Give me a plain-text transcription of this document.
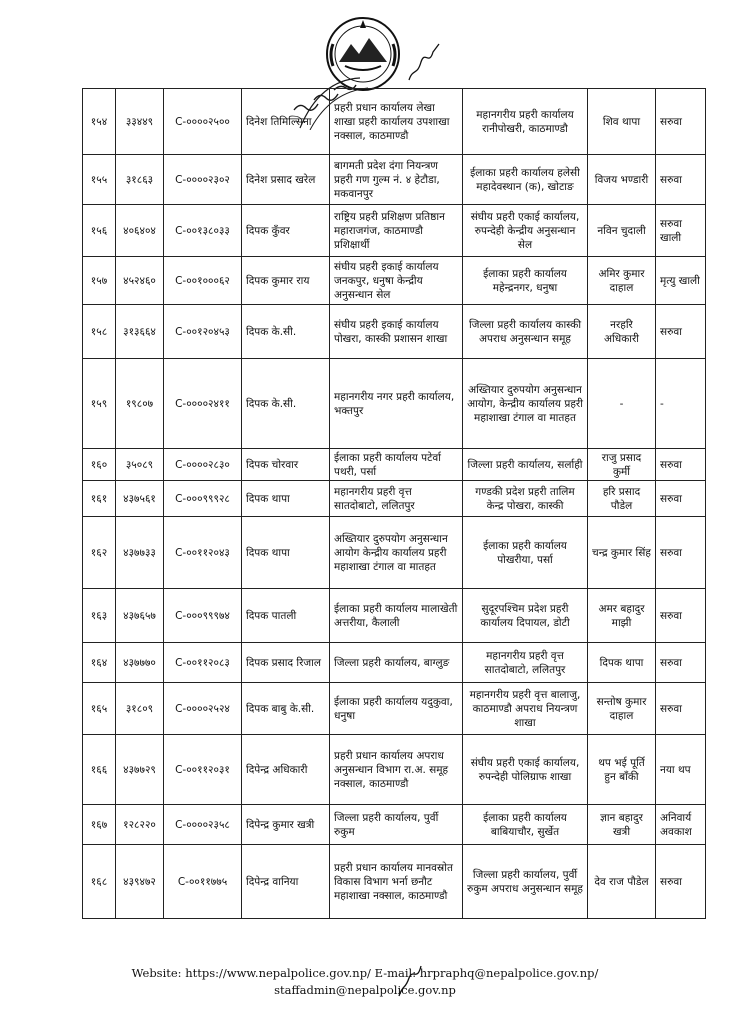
१५४	३३४४९	C-००००२५००	दिनेश तिमिल्सिना	प्रहरी प्रधान कार्यालय लेखा शाखा प्रहरी कार्यालय उपशाखा नक्साल, काठमाण्डौ	महानगरीय प्रहरी कार्यालय रानीपोखरी, काठमाण्डौ	शिव थापा	सरुवा
१५५	३१८६३	C-००००२३०२	दिनेश प्रसाद खरेल	बागमती प्रदेश दंगा नियन्त्रण प्रहरी गण गुल्म नं. ४ हेटौडा, मकवानपुर	ईलाका प्रहरी कार्यालय हलेसी महादेवस्थान (क), खोटाङ	विजय भण्डारी	सरुवा
१५६	४०६४०४	C-००१३८०३३	दिपक कुँवर	राष्ट्रिय प्रहरी प्रशिक्षण प्रतिष्ठान महाराजगंज, काठमाण्डौ प्रशिक्षार्थी	संघीय प्रहरी एकाई कार्यालय, रुपन्देही केन्द्रीय अनुसन्धान सेल	नविन चुदाली	सरुवा खाली
१५७	४५२४६०	C-००१०००६२	दिपक कुमार राय	संघीय प्रहरी इकाई कार्यालय जनकपुर, धनुषा केन्द्रीय अनुसन्धान सेल	ईलाका प्रहरी कार्यालय महेन्द्रनगर, धनुषा	अमिर कुमार दाहाल	मृत्यु खाली
१५८	३१३६६४	C-००१२०४५३	दिपक के.सी.	संघीय प्रहरी इकाई कार्यालय पोखरा, कास्की प्रशासन शाखा	जिल्ला प्रहरी कार्यालय कास्की अपराध अनुसन्धान समूह	नरहरि अधिकारी	सरुवा
१५९	१९८०७	C-००००२४११	दिपक के.सी.	महानगरीय नगर प्रहरी कार्यालय, भक्तपुर	अख्तियार दुरुपयोग अनुसन्धान आयोग, केन्द्रीय कार्यालय प्रहरी महाशाखा टंगाल वा मातहत	-	-
१६०	३५०८९	C-००००२८३०	दिपक चोरवार	ईलाका प्रहरी कार्यालय पटेर्वा पथरी, पर्सा	जिल्ला प्रहरी कार्यालय, सर्लाही	राजु प्रसाद कुर्मी	सरुवा
१६१	४३७५६१	C-०००९९९२८	दिपक थापा	महानगरीय प्रहरी वृत्त सातदोबाटो, ललितपुर	गण्डकी प्रदेश प्रहरी तालिम केन्द्र पोखरा, कास्की	हरि प्रसाद पौडेल	सरुवा
१६२	४३७७३३	C-००११२०४३	दिपक थापा	अख्तियार दुरुपयोग अनुसन्धान आयोग केन्द्रीय कार्यालय प्रहरी महाशाखा टंगाल वा मातहत	ईलाका प्रहरी कार्यालय पोखरीया, पर्सा	चन्द्र कुमार सिंह	सरुवा
१६३	४३७६५७	C-०००९९९७४	दिपक पातली	ईलाका प्रहरी कार्यालय मालाखेती अत्तरीया, कैलाली	सुदूरपश्चिम प्रदेश प्रहरी कार्यालय दिपायल, डोटी	अमर बहादुर माझी	सरुवा
१६४	४३७७७०	C-००११२०८३	दिपक प्रसाद रिजाल	जिल्ला प्रहरी कार्यालय, बाग्लुङ	महानगरीय प्रहरी वृत्त सातदोबाटो, ललितपुर	दिपक थापा	सरुवा
१६५	३१८०९	C-००००२५२४	दिपक बाबु के.सी.	ईलाका प्रहरी कार्यालय यदुकुवा, धनुषा	महानगरीय प्रहरी वृत्त बालाजु, काठमाण्डौ अपराध नियन्त्रण शाखा	सन्तोष कुमार दाहाल	सरुवा
१६६	४३७७२९	C-००११२०३१	दिपेन्द्र अधिकारी	प्रहरी प्रधान कार्यालय अपराध अनुसन्धान विभाग रा.अ. समूह नक्साल, काठमाण्डौ	संघीय प्रहरी एकाई कार्यालय, रुपन्देही पोलिग्राफ शाखा	थप भई पूर्ति हुन बाँकी	नया थप
१६७	१२८२२०	C-००००२३५८	दिपेन्द्र कुमार खत्री	जिल्ला प्रहरी कार्यालय, पुर्वी रुकुम	ईलाका प्रहरी कार्यालय बाबियाचौर, सुर्खेत	ज्ञान बहादुर खत्री	अनिवार्य अवकाश
१६८	४३९४७२	C-००११७७५	दिपेन्द्र वानिया	प्रहरी प्रधान कार्यालय मानवस्रोत विकास विभाग भर्ना छनौट महाशाखा नक्साल, काठमाण्डौ	जिल्ला प्रहरी कार्यालय, पुर्वी रुकुम अपराध अनुसन्धान समूह	देव राज पौडेल	सरुवा
Website: https://www.nepalpolice.gov.np/ E-mail: hrpraphq@nepalpolice.gov.np/
staffadmin@nepalpolice.gov.np
